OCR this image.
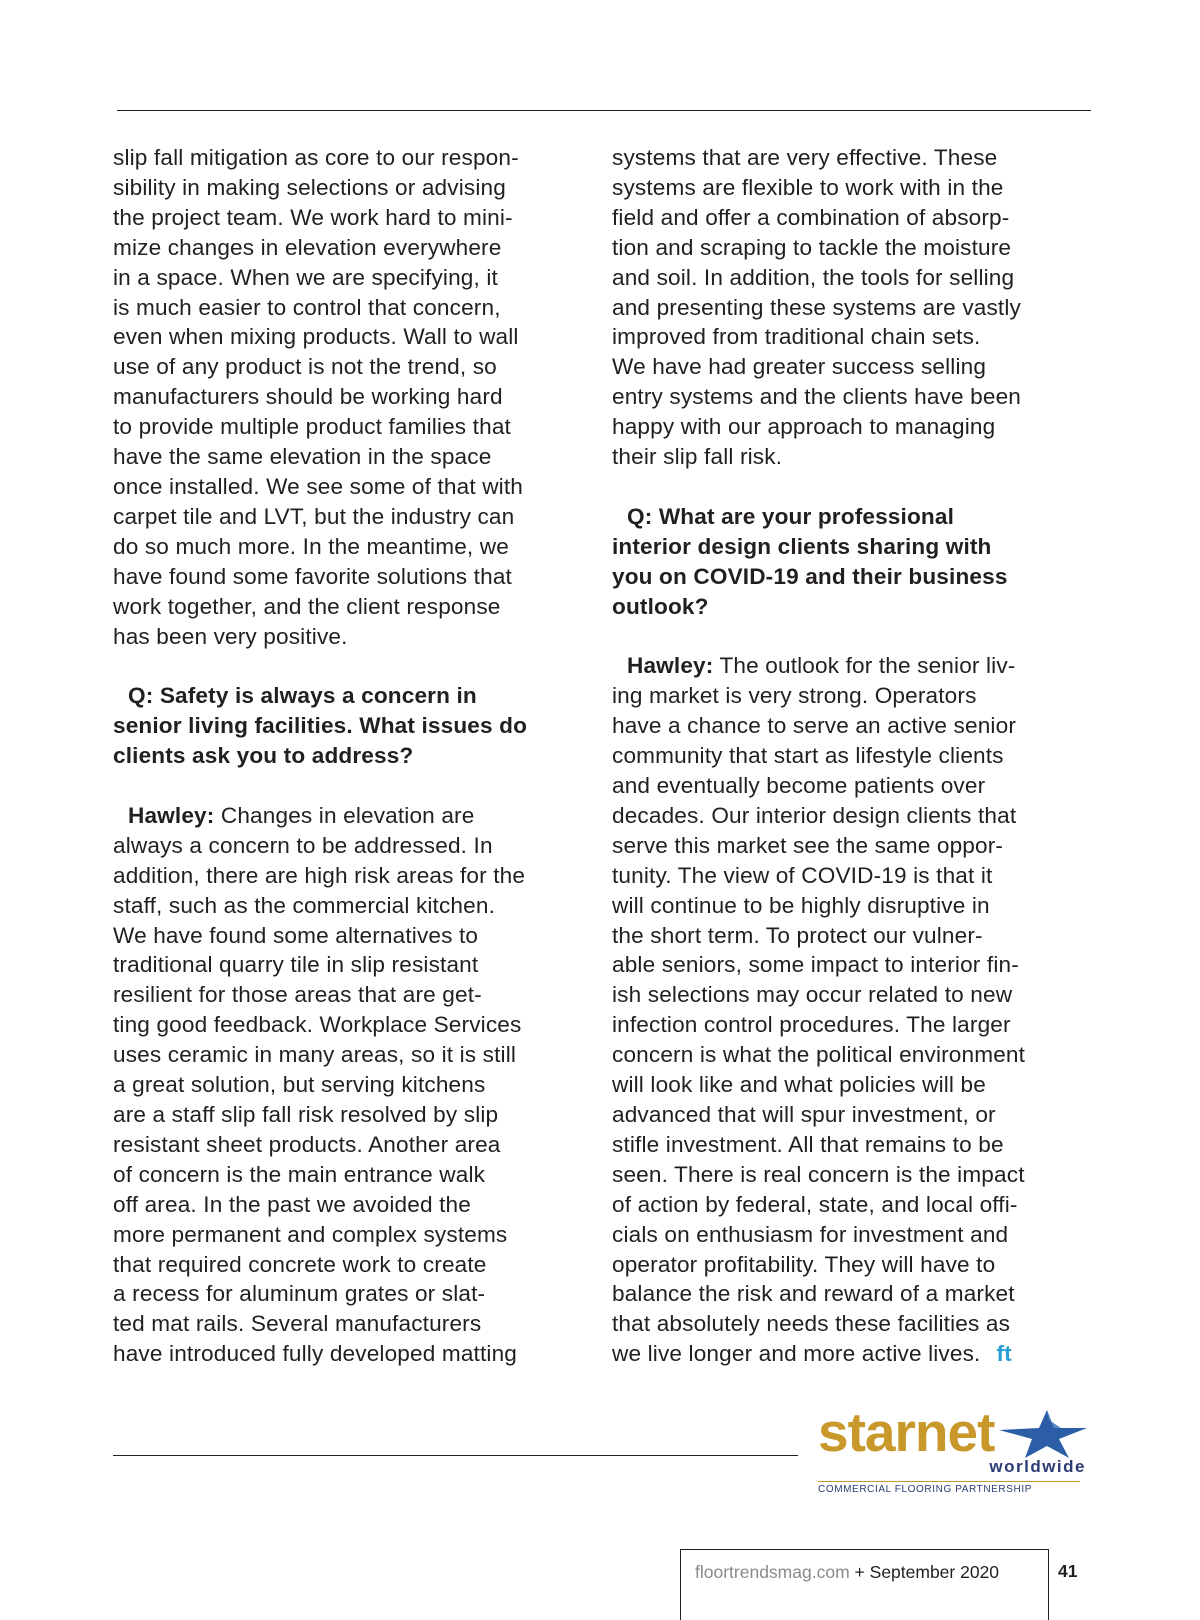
slip fall mitigation as core to our respon-
sibility in making selections or advising
the project team. We work hard to mini-
mize changes in elevation everywhere
in a space. When we are specifying, it
is much easier to control that concern,
even when mixing products. Wall to wall
use of any product is not the trend, so
manufacturers should be working hard
to provide multiple product families that
have the same elevation in the space
once installed. We see some of that with
carpet tile and LVT, but the industry can
do so much more. In the meantime, we
have found some favorite solutions that
work together, and the client response
has been very positive.
Q: Safety is always a concern in
senior living facilities. What issues do
clients ask you to address?
Hawley: Changes in elevation are
always a concern to be addressed. In
addition, there are high risk areas for the
staff, such as the commercial kitchen.
We have found some alternatives to
traditional quarry tile in slip resistant
resilient for those areas that are get-
ting good feedback. Workplace Services
uses ceramic in many areas, so it is still
a great solution, but serving kitchens
are a staff slip fall risk resolved by slip
resistant sheet products. Another area
of concern is the main entrance walk
off area. In the past we avoided the
more permanent and complex systems
that required concrete work to create
a recess for aluminum grates or slat-
ted mat rails. Several manufacturers
have introduced fully developed matting
systems that are very effective. These
systems are flexible to work with in the
field and offer a combination of absorp-
tion and scraping to tackle the moisture
and soil. In addition, the tools for selling
and presenting these systems are vastly
improved from traditional chain sets.
We have had greater success selling
entry systems and the clients have been
happy with our approach to managing
their slip fall risk.
Q: What are your professional
interior design clients sharing with
you on COVID-19 and their business
outlook?
Hawley: The outlook for the senior liv-
ing market is very strong. Operators
have a chance to serve an active senior
community that start as lifestyle clients
and eventually become patients over
decades. Our interior design clients that
serve this market see the same oppor-
tunity. The view of COVID-19 is that it
will continue to be highly disruptive in
the short term. To protect our vulner-
able seniors, some impact to interior fin-
ish selections may occur related to new
infection control procedures. The larger
concern is what the political environment
will look like and what policies will be
advanced that will spur investment, or
stifle investment. All that remains to be
seen. There is real concern is the impact
of action by federal, state, and local offi-
cials on enthusiasm for investment and
operator profitability. They will have to
balance the risk and reward of a market
that absolutely needs these facilities as
we live longer and more active lives. ft
starnet
worldwide
COMMERCIAL FLOORING PARTNERSHIP
floortrendsmag.com + September 2020	41
